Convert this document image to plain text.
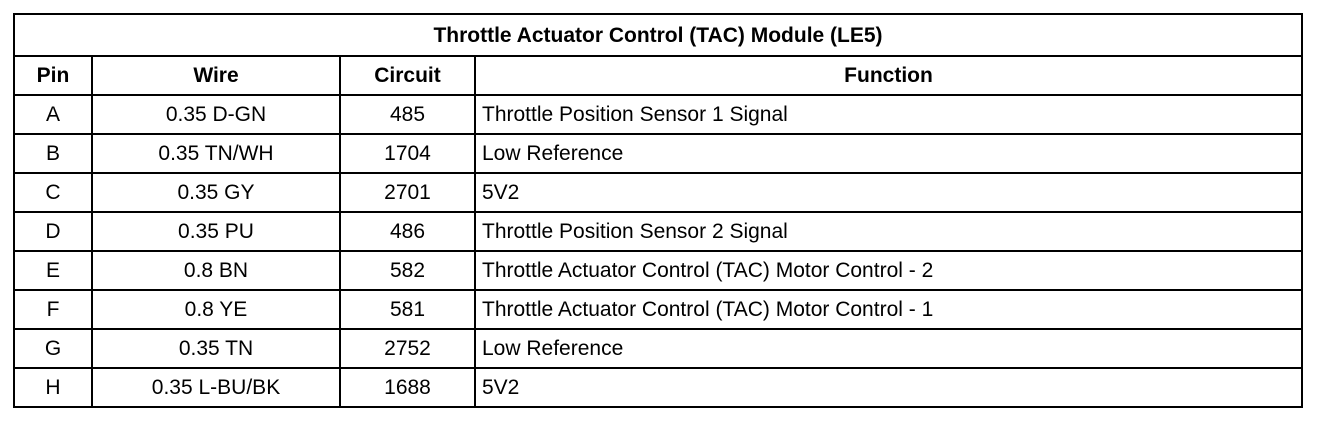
Throttle Actuator Control (TAC) Module (LE5)			
Pin	Wire	Circuit	Function
A	0.35 D-GN	485	Throttle Position Sensor 1 Signal
B	0.35 TN/WH	1704	Low Reference
C	0.35 GY	2701	5V2
D	0.35 PU	486	Throttle Position Sensor 2 Signal
E	0.8 BN	582	Throttle Actuator Control (TAC) Motor Control - 2
F	0.8 YE	581	Throttle Actuator Control (TAC) Motor Control - 1
G	0.35 TN	2752	Low Reference
H	0.35 L-BU/BK	1688	5V2
